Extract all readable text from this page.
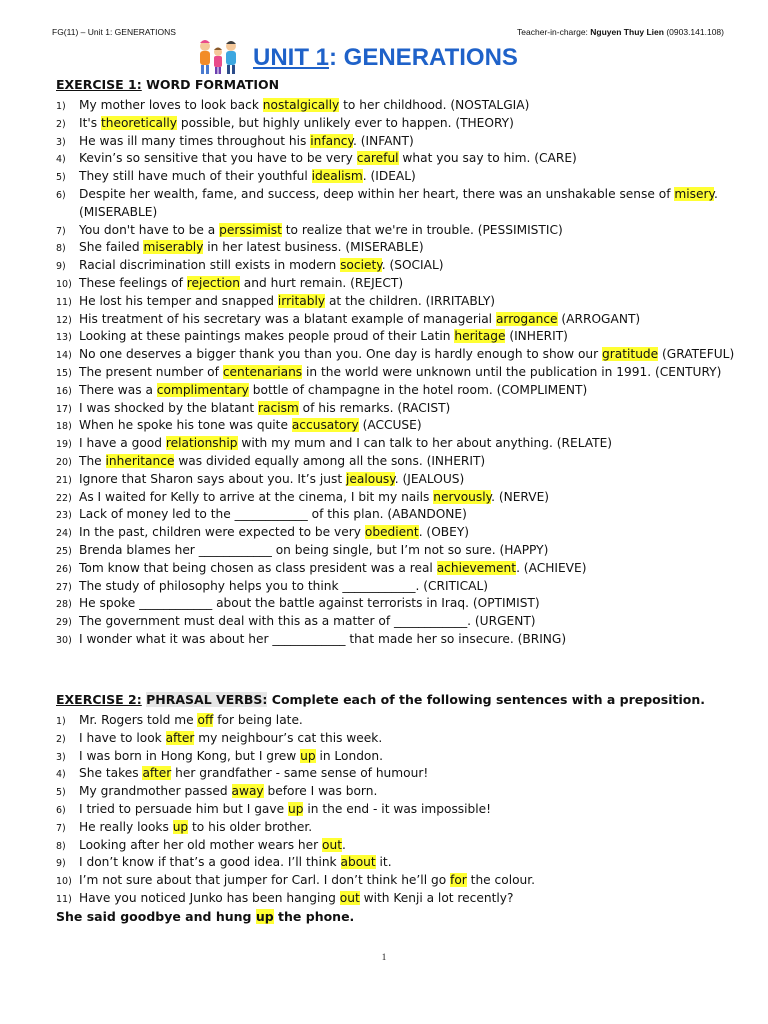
FG(11) – Unit 1: GENERATIONS	Teacher-in-charge: Nguyen Thuy Lien (0903.141.108)
UNIT 1: GENERATIONS
EXERCISE 1: WORD FORMATION
1) My mother loves to look back nostalgically to her childhood. (NOSTALGIA)
2) It's theoretically possible, but highly unlikely ever to happen. (THEORY)
3) He was ill many times throughout his infancy. (INFANT)
4) Kevin’s so sensitive that you have to be very careful what you say to him. (CARE)
5) They still have much of their youthful idealism. (IDEAL)
6) Despite her wealth, fame, and success, deep within her heart, there was an unshakable sense of misery. (MISERABLE)
7) You don't have to be a perssimist to realize that we're in trouble. (PESSIMISTIC)
8) She failed miserably in her latest business. (MISERABLE)
9) Racial discrimination still exists in modern society. (SOCIAL)
10) These feelings of rejection and hurt remain. (REJECT)
11) He lost his temper and snapped irritably at the children. (IRRITABLY)
12) His treatment of his secretary was a blatant example of managerial arrogance (ARROGANT)
13) Looking at these paintings makes people proud of their Latin heritage (INHERIT)
14) No one deserves a bigger thank you than you. One day is hardly enough to show our gratitude (GRATEFUL)
15) The present number of centenarians in the world were unknown until the publication in 1991. (CENTURY)
16) There was a complimentary bottle of champagne in the hotel room. (COMPLIMENT)
17) I was shocked by the blatant racism of his remarks. (RACIST)
18) When he spoke his tone was quite accusatory (ACCUSE)
19) I have a good relationship with my mum and I can talk to her about anything. (RELATE)
20) The inheritance was divided equally among all the sons. (INHERIT)
21) Ignore that Sharon says about you. It’s just jealousy. (JEALOUS)
22) As I waited for Kelly to arrive at the cinema, I bit my nails nervously. (NERVE)
23) Lack of money led to the ____________ of this plan. (ABANDONE)
24) In the past, children were expected to be very obedient. (OBEY)
25) Brenda blames her ____________ on being single, but I’m not so sure. (HAPPY)
26) Tom know that being chosen as class president was a real achievement. (ACHIEVE)
27) The study of philosophy helps you to think ____________. (CRITICAL)
28) He spoke ____________ about the battle against terrorists in Iraq. (OPTIMIST)
29) The government must deal with this as a matter of ____________. (URGENT)
30) I wonder what it was about her ____________ that made her so insecure. (BRING)
EXERCISE 2: PHRASAL VERBS: Complete each of the following sentences with a preposition.
1) Mr. Rogers told me off for being late.
2) I have to look after my neighbour’s cat this week.
3) I was born in Hong Kong, but I grew up in London.
4) She takes after her grandfather - same sense of humour!
5) My grandmother passed away before I was born.
6) I tried to persuade him but I gave up in the end - it was impossible!
7) He really looks up to his older brother.
8) Looking after her old mother wears her out.
9) I don’t know if that’s a good idea. I’ll think about it.
10) I’m not sure about that jumper for Carl. I don’t think he’ll go for the colour.
11) Have you noticed Junko has been hanging out with Kenji a lot recently?
She said goodbye and hung up the phone.
1
